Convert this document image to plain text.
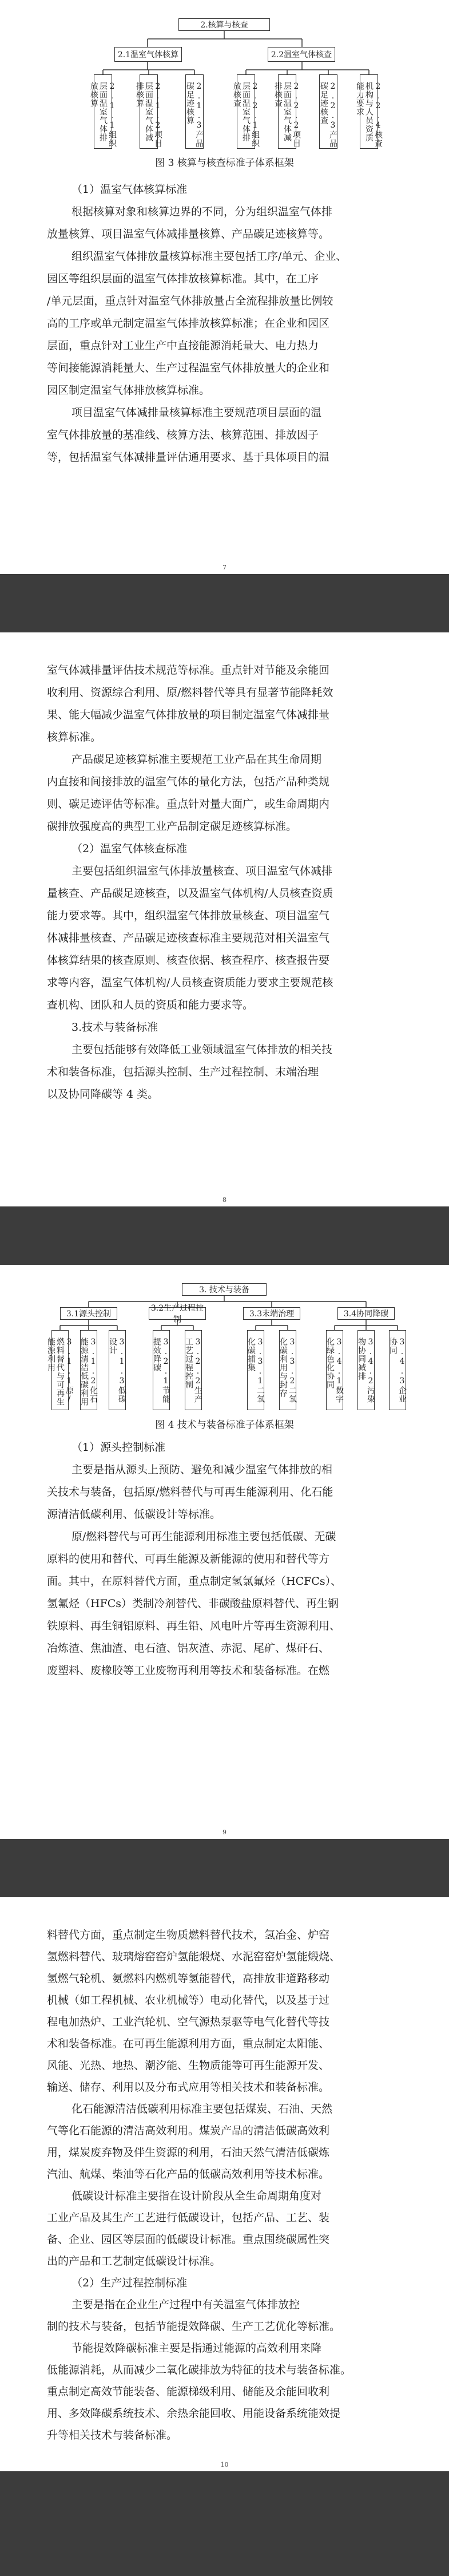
2.核算与核查
2.1温室气体核算	2.2温室气体核查
2.1.1组织层面温室气体排放核算	2.1.2项目层面温室气体减排核算	2.1.3产品碳足迹核算	2.2.1组织层面温室气体排放核查	2.2.2项目层面温室气体减排核查	2.2.3产品碳足迹核查	2.2.4核查机构与人员资质能力要求
图 3 核算与核查标准子体系框架
（1）温室气体核算标准
根据核算对象和核算边界的不同，分为组织温室气体排
放量核算、项目温室气体减排量核算、产品碳足迹核算等。
组织温室气体排放量核算标准主要包括工序/单元、企业、
园区等组织层面的温室气体排放核算标准。其中，在工序
/单元层面，重点针对温室气体排放量占全流程排放量比例较
高的工序或单元制定温室气体排放核算标准；在企业和园区
层面，重点针对工业生产中直接能源消耗量大、电力热力
等间接能源消耗量大、生产过程温室气体排放量大的企业和
园区制定温室气体排放核算标准。
项目温室气体减排量核算标准主要规范项目层面的温
室气体排放量的基准线、核算方法、核算范围、排放因子
等，包括温室气体减排量评估通用要求、基于具体项目的温
7
室气体减排量评估技术规范等标准。重点针对节能及余能回
收利用、资源综合利用、原/燃料替代等具有显著节能降耗效
果、能大幅减少温室气体排放量的项目制定温室气体减排量
核算标准。
产品碳足迹核算标准主要规范工业产品在其生命周期
内直接和间接排放的温室气体的量化方法，包括产品种类规
则、碳足迹评估等标准。重点针对量大面广，或生命周期内
碳排放强度高的典型工业产品制定碳足迹核算标准。
（2）温室气体核查标准
主要包括组织温室气体排放量核查、项目温室气体减排
量核查、产品碳足迹核查，以及温室气体机构/人员核查资质
能力要求等。其中，组织温室气体排放量核查、项目温室气
体减排量核查、产品碳足迹核查标准主要规范对相关温室气
体核算结果的核查原则、核查依据、核查程序、核查报告要
求等内容，温室气体机构/人员核查资质能力要求主要规范核
查机构、团队和人员的资质和能力要求等。
3.技术与装备标准
主要包括能够有效降低工业领域温室气体排放的相关技
术和装备标准，包括源头控制、生产过程控制、末端治理
以及协同降碳等 4 类。
8
3. 技术与装备
3.1源头控制
3.2生产过程控制
3.3末端治理	3.4协同降碳
3.1.1原/燃料替代与可再生能源利用	3.1.2化石能源清洁低碳利用	3.1.3低碳设计	3.2.1节能提效降碳	3.2.2生产工艺过程控制	3.3.1二氧化碳捕集	3.3.2二氧化碳利用与封存	3.4.1数字化绿色化协同	3.4.2污染物协同减排	3.4.3企业协同
图 4 技术与装备标准子体系框架
（1）源头控制标准
主要是指从源头上预防、避免和减少温室气体排放的相
关技术与装备，包括原/燃料替代与可再生能源利用、化石能
源清洁低碳利用、低碳设计等标准。
原/燃料替代与可再生能源利用标准主要包括低碳、无碳
原料的使用和替代、可再生能源及新能源的使用和替代等方
面。其中，在原料替代方面，重点制定氢氯氟烃（HCFCs）、
氢氟烃（HFCs）类制冷剂替代、非碳酸盐原料替代、再生钢
铁原料、再生铜铝原料、再生铅、风电叶片等再生资源利用、
冶炼渣、焦油渣、电石渣、铝灰渣、赤泥、尾矿、煤矸石、
废塑料、废橡胶等工业废物再利用等技术和装备标准。在燃
9
料替代方面，重点制定生物质燃料替代技术，氢冶金、炉窑
氢燃料替代、玻璃熔窑窑炉氢能煅烧、水泥窑窑炉氢能煅烧、
氢燃气轮机、氨燃料内燃机等氢能替代，高排放非道路移动
机械（如工程机械、农业机械等）电动化替代，以及基于过
程电加热炉、工业汽轮机、空气源热泵驱等电气化替代等技
术和装备标准。在可再生能源利用方面，重点制定太阳能、
风能、光热、地热、潮汐能、生物质能等可再生能源开发、
输送、储存、利用以及分布式应用等相关技术和装备标准。
化石能源清洁低碳利用标准主要包括煤炭、石油、天然
气等化石能源的清洁高效利用。煤炭产品的清洁低碳高效利
用，煤炭废弃物及伴生资源的利用，石油天然气清洁低碳炼
汽油、航煤、柴油等石化产品的低碳高效利用等技术标准。
低碳设计标准主要指在设计阶段从全生命周期角度对
工业产品及其生产工艺进行低碳设计，包括产品、工艺、装
备、企业、园区等层面的低碳设计标准。重点围绕碳属性突
出的产品和工艺制定低碳设计标准。
（2）生产过程控制标准
主要是指在企业生产过程中有关温室气体排放控
制的技术与装备，包括节能提效降碳、生产工艺优化等标准。
节能提效降碳标准主要是指通过能源的高效利用来降
低能源消耗，从而减少二氧化碳排放为特征的技术与装备标准。
重点制定高效节能装备、能源梯级利用、储能及余能回收利
用、多效降碳系统技术、余热余能回收、用能设备系统能效提
升等相关技术与装备标准。
10
